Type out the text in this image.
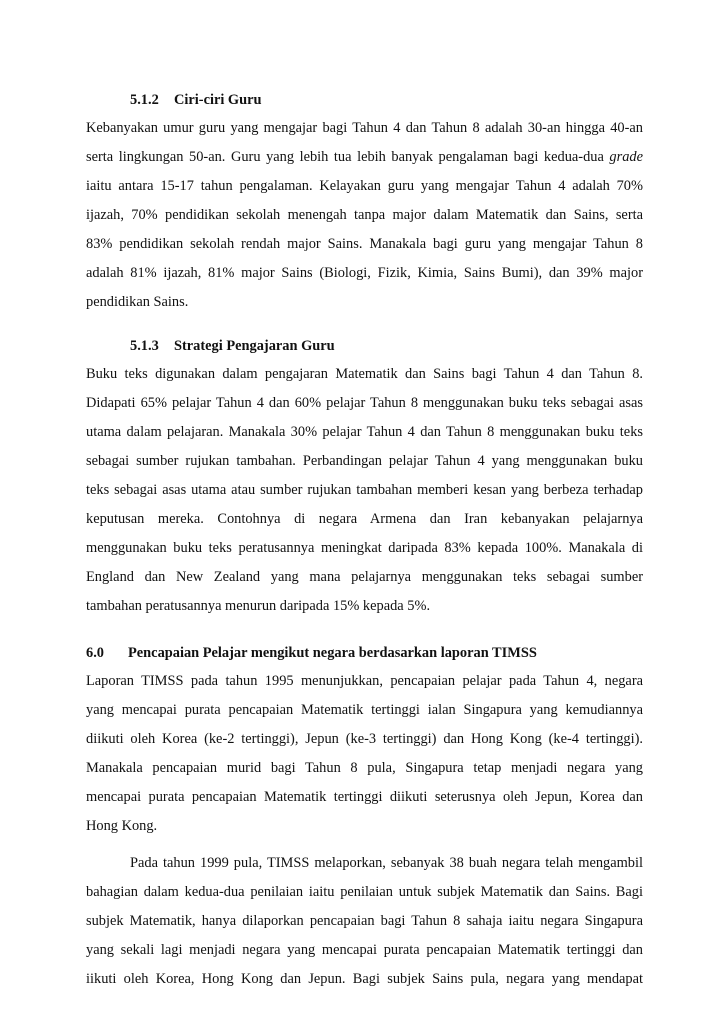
5.1.2 Ciri-ciri Guru
Kebanyakan umur guru yang mengajar bagi Tahun 4 dan Tahun 8 adalah 30-an hingga 40-an
serta lingkungan 50-an. Guru yang lebih tua lebih banyak pengalaman bagi kedua-dua grade
iaitu antara 15-17 tahun pengalaman. Kelayakan guru yang mengajar Tahun 4 adalah 70%
ijazah, 70% pendidikan sekolah menengah tanpa major dalam Matematik dan Sains, serta
83% pendidikan sekolah rendah major Sains. Manakala bagi guru yang mengajar Tahun 8
adalah 81% ijazah, 81% major Sains (Biologi, Fizik, Kimia, Sains Bumi), dan 39% major
pendidikan Sains.
5.1.3 Strategi Pengajaran Guru
Buku teks digunakan dalam pengajaran Matematik dan Sains bagi Tahun 4 dan Tahun 8.
Didapati 65% pelajar Tahun 4 dan 60% pelajar Tahun 8 menggunakan buku teks sebagai asas
utama dalam pelajaran. Manakala 30% pelajar Tahun 4 dan Tahun 8 menggunakan buku teks
sebagai sumber rujukan tambahan. Perbandingan pelajar Tahun 4 yang menggunakan buku
teks sebagai asas utama atau sumber rujukan tambahan memberi kesan yang berbeza terhadap
keputusan mereka. Contohnya di negara Armena dan Iran kebanyakan pelajarnya
menggunakan buku teks peratusannya meningkat daripada 83% kepada 100%. Manakala di
England dan New Zealand yang mana pelajarnya menggunakan teks sebagai sumber
tambahan peratusannya menurun daripada 15% kepada 5%.
6.0 Pencapaian Pelajar mengikut negara berdasarkan laporan TIMSS
Laporan TIMSS pada tahun 1995 menunjukkan, pencapaian pelajar pada Tahun 4, negara
yang mencapai purata pencapaian Matematik tertinggi ialan Singapura yang kemudiannya
diikuti oleh Korea (ke-2 tertinggi), Jepun (ke-3 tertinggi) dan Hong Kong (ke-4 tertinggi).
Manakala pencapaian murid bagi Tahun 8 pula, Singapura tetap menjadi negara yang
mencapai purata pencapaian Matematik tertinggi diikuti seterusnya oleh Jepun, Korea dan
Hong Kong.
Pada tahun 1999 pula, TIMSS melaporkan, sebanyak 38 buah negara telah mengambil
bahagian dalam kedua-dua penilaian iaitu penilaian untuk subjek Matematik dan Sains. Bagi
subjek Matematik, hanya dilaporkan pencapaian bagi Tahun 8 sahaja iaitu negara Singapura
yang sekali lagi menjadi negara yang mencapai purata pencapaian Matematik tertinggi dan
iikuti oleh Korea, Hong Kong dan Jepun. Bagi subjek Sains pula, negara yang mendapat
